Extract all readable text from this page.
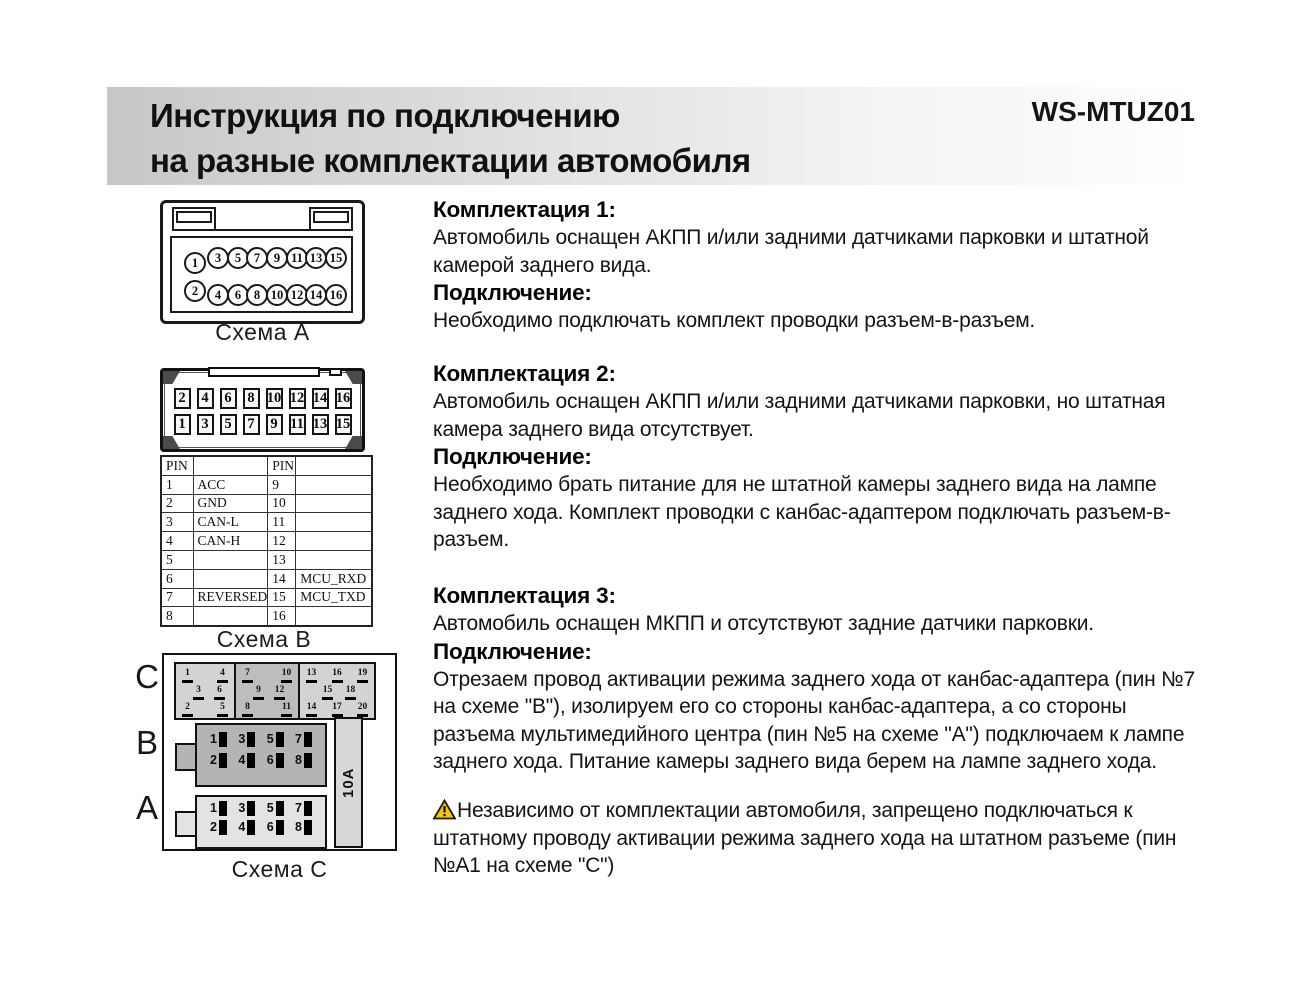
Инструкция по подключению
на разные комплектации автомобиля
WS-MTUZ01
1
2
3	5	7	9 11 13 15
4	6	8 10 12 14 16
Схема A
2	4	6	8 10 12 14 16
1	3	5	7	9 11 13 15
PIN		PIN	
1	ACC	9	
2	GND	10	
3	CAN-L	11	
4	CAN-H	12	
5		13	
6		14	MCU_RXD
7	REVERSED	15	MCU_TXD
8		16	
Схема B
C
B
A
1	4
3 6
2	5
7	10
9 12
8	11
13 16 19
15 18
14 17 20
1 3 5 7
2 4 6 8
1 3 5 7
2 4 6 8
10A
Схема C
Комплектация 1:

Автомобиль оснащен АКПП и/или задними датчиками парковки и штатной камерой заднего вида.

Подключение:

Необходимо подключать комплект проводки разъем-в-разъем.

Комплектация 2:

Автомобиль оснащен АКПП и/или задними датчиками парковки, но штатная камера заднего вида отсутствует.

Подключение:

Необходимо брать питание для не штатной камеры заднего вида на лампе заднего хода. Комплект проводки с канбас-адаптером подключать разъем-в-разъем.

Комплектация 3:

Автомобиль оснащен МКПП и отсутствуют задние датчики парковки.

Подключение:

Отрезаем провод активации режима заднего хода от канбас-адаптера (пин №7 на схеме "B"), изолируем его со стороны канбас-адаптера, а со стороны разъема мультимедийного центра (пин №5 на схеме "A") подключаем к лампе заднего хода. Питание камеры заднего вида берем на лампе заднего хода.

Независимо от комплектации автомобиля, запрещено подключаться к штатному проводу активации режима заднего хода на штатном разъеме (пин №A1 на схеме "C")
